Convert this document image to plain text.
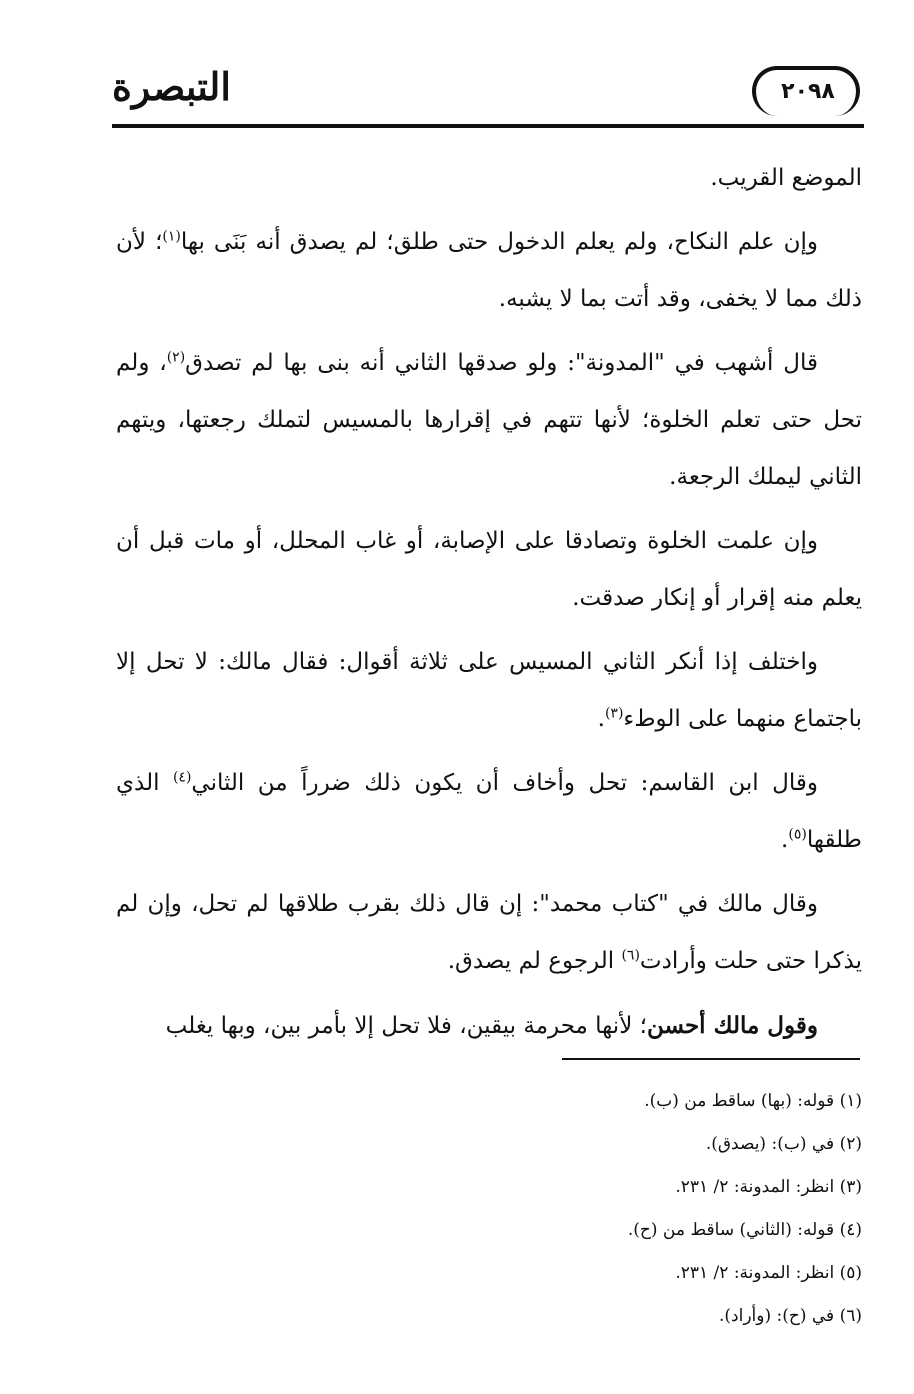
التبصرة	٢٠٩٨

الموضع القريب.

وإن علم النكاح، ولم يعلم الدخول حتى طلق؛ لم يصدق أنه بَنَى بها$^{(١)}$؛ لأن ذلك مما لا يخفى، وقد أتت بما لا يشبه.

قال أشهب في "المدونة": ولو صدقها الثاني أنه بنى بها لم تصدق$^{(٢)}$، ولم تحل حتى تعلم الخلوة؛ لأنها تتهم في إقرارها بالمسيس لتملك رجعتها، ويتهم الثاني ليملك الرجعة.

وإن علمت الخلوة وتصادقا على الإصابة، أو غاب المحلل، أو مات قبل أن يعلم منه إقرار أو إنكار صدقت.

واختلف إذا أنكر الثاني المسيس على ثلاثة أقوال: فقال مالك: لا تحل إلا باجتماع منهما على الوطء$^{(٣)}$.

وقال ابن القاسم: تحل وأخاف أن يكون ذلك ضرراً من الثاني$^{(٤)}$ الذي طلقها$^{(٥)}$.

وقال مالك في "كتاب محمد": إن قال ذلك بقرب طلاقها لم تحل، وإن لم يذكرا حتى حلت وأرادت$^{(٦)}$ الرجوع لم يصدق.

وقول مالك أحسن؛ لأنها محرمة بيقين، فلا تحل إلا بأمر بين، وبها يغلب

(١) قوله: (بها) ساقط من (ب).

(٢) في (ب): (يصدق).

(٣) انظر: المدونة: ٢/ ٢٣١.

(٤) قوله: (الثاني) ساقط من (ح).

(٥) انظر: المدونة: ٢/ ٢٣١.

(٦) في (ح): (وأراد).
